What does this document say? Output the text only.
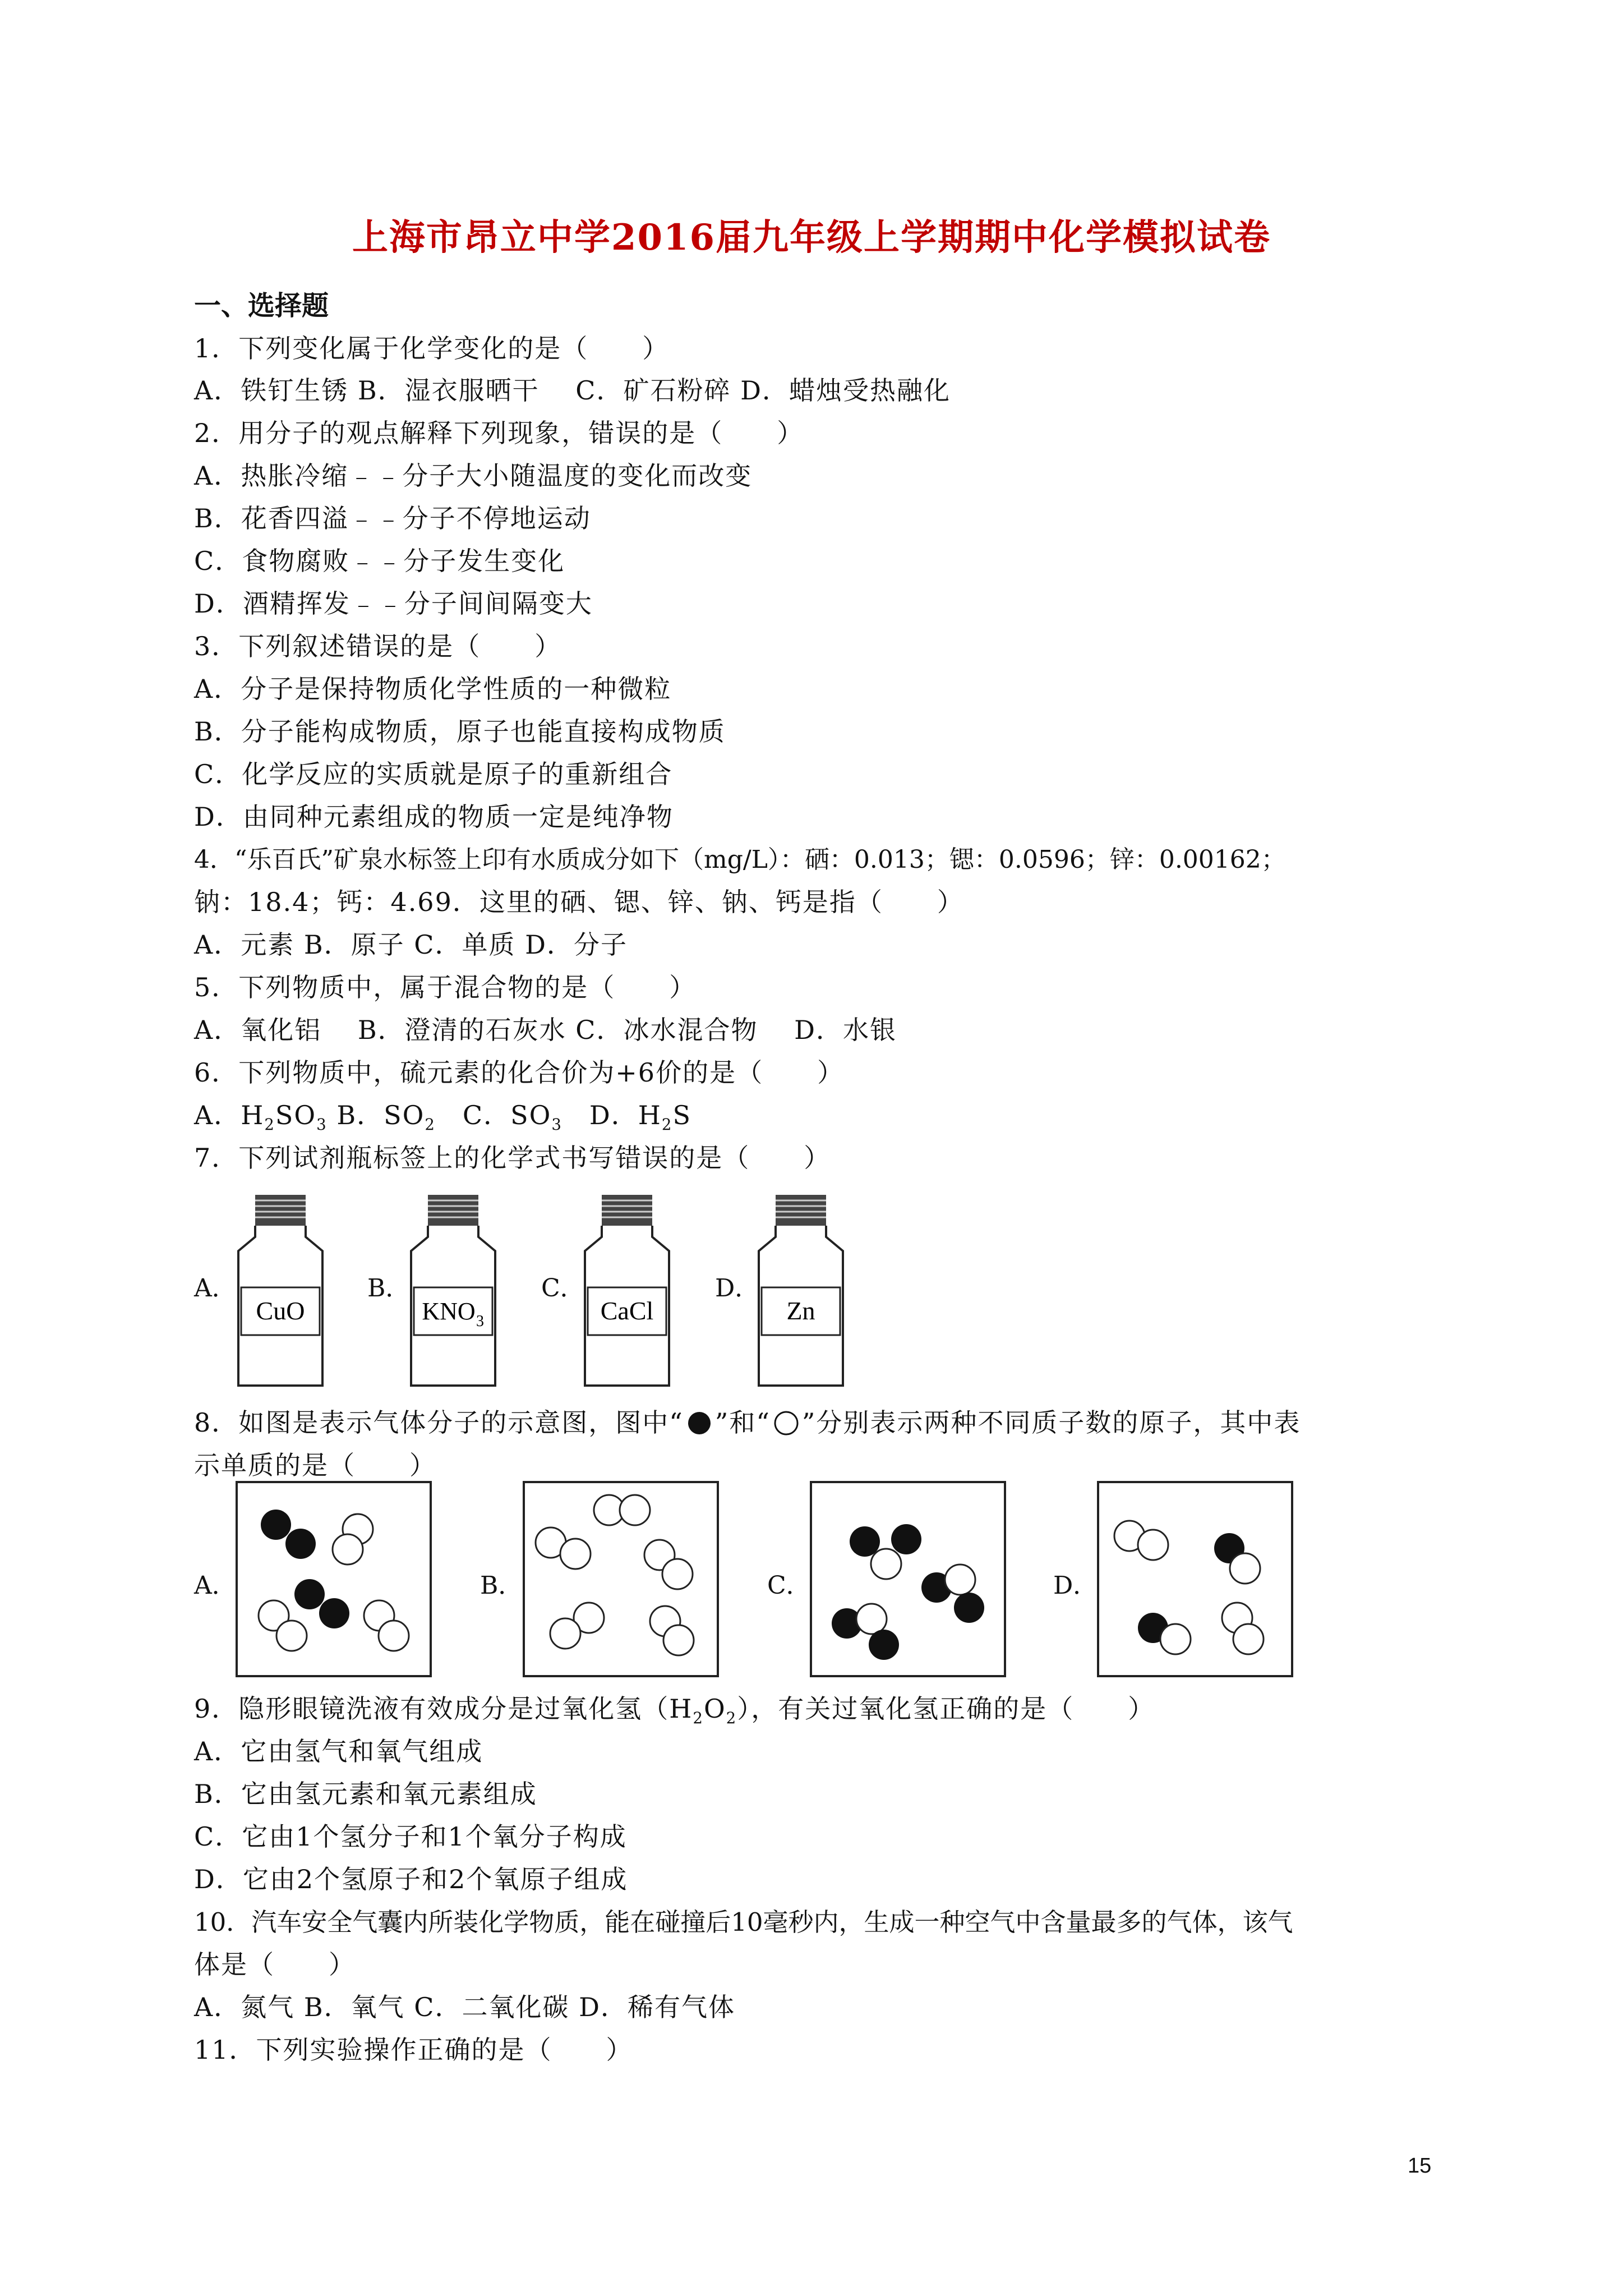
上海市昂立中学2016届九年级上学期期中化学模拟试卷
一、选择题
1．下列变化属于化学变化的是（　　）
A．铁钉生锈 B．湿衣服晒干　 C．矿石粉碎 D．蜡烛受热融化
2．用分子的观点解释下列现象，错误的是（　　）
A．热胀冷缩﹣﹣分子大小随温度的变化而改变
B．花香四溢﹣﹣分子不停地运动
C．食物腐败﹣﹣分子发生变化
D．酒精挥发﹣﹣分子间间隔变大
3．下列叙述错误的是（　　）
A．分子是保持物质化学性质的一种微粒
B．分子能构成物质，原子也能直接构成物质
C．化学反应的实质就是原子的重新组合
D．由同种元素组成的物质一定是纯净物
4．“乐百氏”矿泉水标签上印有水质成分如下（mg/L）：硒：0.013；锶：0.0596；锌：0.00162；
钠：18.4；钙：4.69．这里的硒、锶、锌、钠、钙是指（　　）
A．元素 B．原子 C．单质 D．分子
5．下列物质中，属于混合物的是（　　）
A．氧化铝　 B．澄清的石灰水 C．冰水混合物　 D．水银
6．下列物质中，硫元素的化合价为+6价的是（　　）
A．$H_2SO_3$ B．$SO_2$　C．$SO_3$　D．$H_2S$
7．下列试剂瓶标签上的化学式书写错误的是（　　）
A．	B．	C．	D．
CuO	KNO 3	CaCl	Zn
8．如图是表示气体分子的示意图，图中“ ”和“ ”分别表示两种不同质子数的原子，其中表
示单质的是（　　）
A．	B．	C．	D．
9．隐形眼镜洗液有效成分是过氧化氢$(H_2O_2)$，有关过氧化氢正确的是（　　）
A．它由氢气和氧气组成
B．它由氢元素和氧元素组成
C．它由1个氢分子和1个氧分子构成
D．它由2个氢原子和2个氧原子组成
10．汽车安全气囊内所装化学物质，能在碰撞后10毫秒内，生成一种空气中含量最多的气体，该气
体是（　　）
A．氮气 B．氧气 C．二氧化碳 D．稀有气体
11．下列实验操作正确的是（　　）
15
